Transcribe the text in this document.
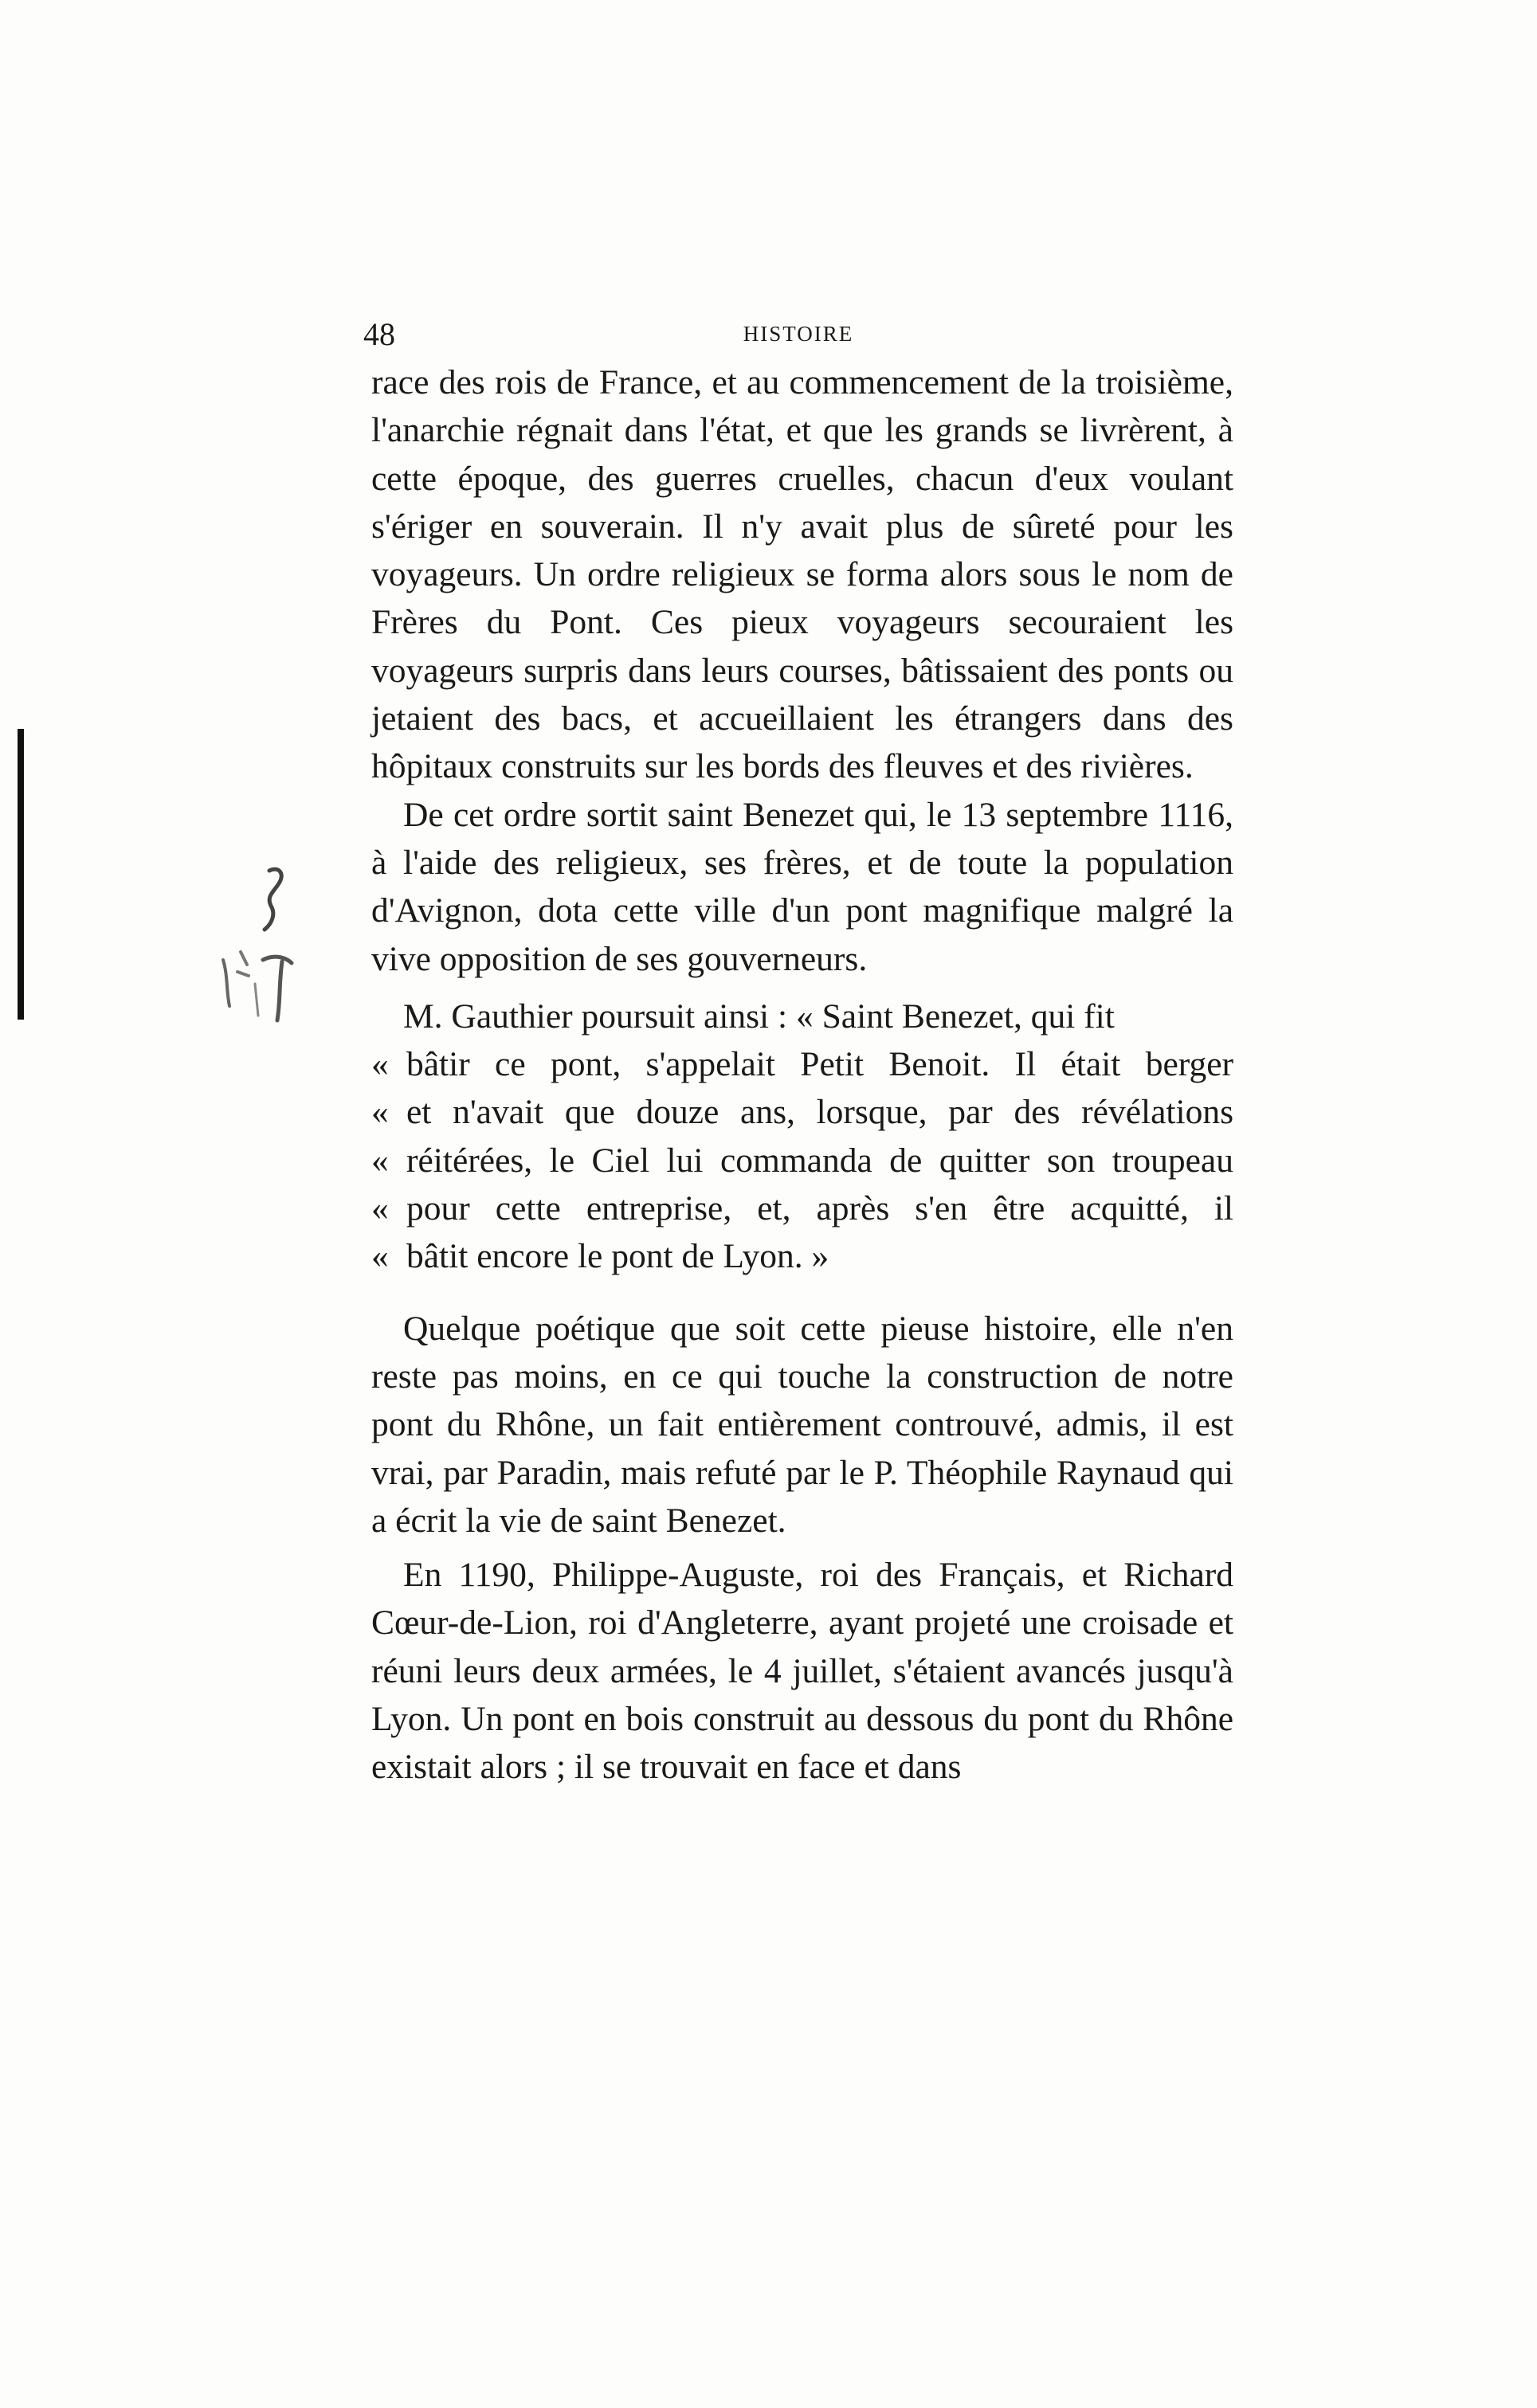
48	HISTOIRE

race des rois de France, et au commencement de la troisième, l'anarchie régnait dans l'état, et que les grands se livrèrent, à cette époque, des guerres cruelles, chacun d'eux voulant s'ériger en souverain. Il n'y avait plus de sûreté pour les voyageurs. Un ordre religieux se forma alors sous le nom de Frères du Pont. Ces pieux voyageurs secouraient les voyageurs surpris dans leurs courses, bâtissaient des ponts ou jetaient des bacs, et accueillaient les étrangers dans des hôpitaux construits sur les bords des fleuves et des rivières.

De cet ordre sortit saint Benezet qui, le 13 septembre 1116, à l'aide des religieux, ses frères, et de toute la population d'Avignon, dota cette ville d'un pont magnifique malgré la vive opposition de ses gouverneurs.

M. Gauthier poursuit ainsi : « Saint Benezet, qui fit

« bâtir ce pont, s'appelait Petit Benoit. Il était berger
« et n'avait que douze ans, lorsque, par des révélations
« réitérées, le Ciel lui commanda de quitter son troupeau
« pour cette entreprise, et, après s'en être acquitté, il
« bâtit encore le pont de Lyon. »

Quelque poétique que soit cette pieuse histoire, elle n'en reste pas moins, en ce qui touche la construction de notre pont du Rhône, un fait entièrement controuvé, admis, il est vrai, par Paradin, mais refuté par le P. Théophile Raynaud qui a écrit la vie de saint Benezet.

En 1190, Philippe-Auguste, roi des Français, et Richard Cœur-de-Lion, roi d'Angleterre, ayant projeté une croisade et réuni leurs deux armées, le 4 juillet, s'étaient avancés jusqu'à Lyon. Un pont en bois construit au dessous du pont du Rhône existait alors ; il se trouvait en face et dans
